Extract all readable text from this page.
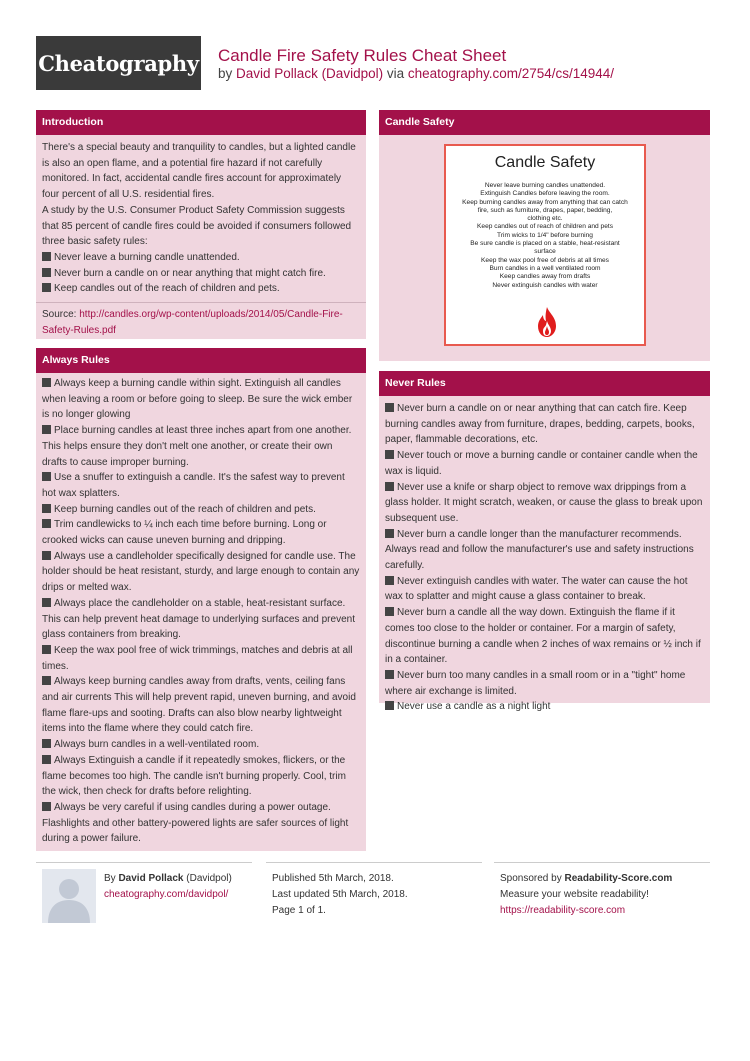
Cheatography Candle Fire Safety Rules Cheat Sheet
by David Pollack (Davidpol) via cheatography.com/2754/cs/14944/
Introduction
There's a special beauty and tranquility to candles, but a lighted candle is also an open flame, and a potential fire hazard if not carefully monitored. In fact, accidental candle fires account for approximately four percent of all U.S. residential fires.
A study by the U.S. Consumer Product Safety Commission suggests that 85 percent of candle fires could be avoided if consumers followed three basic safety rules:
Never leave a burning candle unattended.
Never burn a candle on or near anything that might catch fire.
Keep candles out of the reach of children and pets.
Source: http://candles.org/wp-content/uploads/2014/05/Candle-Fire-Safety-Rules.pdf
Always Rules
Always keep a burning candle within sight. Extinguish all candles when leaving a room or before going to sleep. Be sure the wick ember is no longer glowing
Place burning candles at least three inches apart from one another. This helps ensure they don't melt one another, or create their own drafts to cause improper burning.
Use a snuffer to extinguish a candle. It's the safest way to prevent hot wax splatters.
Keep burning candles out of the reach of children and pets.
Trim candlewicks to ¼ inch each time before burning. Long or crooked wicks can cause uneven burning and dripping.
Always use a candleholder specifically designed for candle use. The holder should be heat resistant, sturdy, and large enough to contain any drips or melted wax.
Always place the candleholder on a stable, heat-resistant surface. This can help prevent heat damage to underlying surfaces and prevent glass containers from breaking.
Keep the wax pool free of wick trimmings, matches and debris at all times.
Always keep burning candles away from drafts, vents, ceiling fans and air currents This will help prevent rapid, uneven burning, and avoid flame flare-ups and sooting. Drafts can also blow nearby lightweight items into the flame where they could catch fire.
Always burn candles in a well-ventilated room.
Always Extinguish a candle if it repeatedly smokes, flickers, or the flame becomes too high. The candle isn't burning properly. Cool, trim the wick, then check for drafts before relighting.
Always be very careful if using candles during a power outage. Flashlights and other battery-powered lights are safer sources of light during a power failure.
Candle Safety
Candle Safety
Never leave burning candles unattended.
Extinguish Candles before leaving the room.
Keep burning candles away from anything that can catch
fire, such as furniture, drapes, paper, bedding,
clothing etc.
Keep candles out of reach of children and pets
Trim wicks to 1/4" before burning
Be sure candle is placed on a stable, heat-resistant
surface
Keep the wax pool free of debris at all times
Burn candles in a well ventilated room
Keep candles away from drafts
Never extinguish candles with water
Never Rules
Never burn a candle on or near anything that can catch fire. Keep burning candles away from furniture, drapes, bedding, carpets, books, paper, flammable decorations, etc.
Never touch or move a burning candle or container candle when the wax is liquid.
Never use a knife or sharp object to remove wax drippings from a glass holder. It might scratch, weaken, or cause the glass to break upon subsequent use.
Never burn a candle longer than the manufacturer recommends. Always read and follow the manufacturer's use and safety instructions carefully.
Never extinguish candles with water. The water can cause the hot wax to splatter and might cause a glass container to break.
Never burn a candle all the way down. Extinguish the flame if it comes too close to the holder or container. For a margin of safety, discontinue burning a candle when 2 inches of wax remains or ½ inch if in a container.
Never burn too many candles in a small room or in a "tight" home where air exchange is limited.
Never use a candle as a night light
By David Pollack (Davidpol)
cheatography.com/davidpol/
Published 5th March, 2018.
Last updated 5th March, 2018.
Page 1 of 1.
Sponsored by Readability-Score.com
Measure your website readability!
https://readability-score.com
